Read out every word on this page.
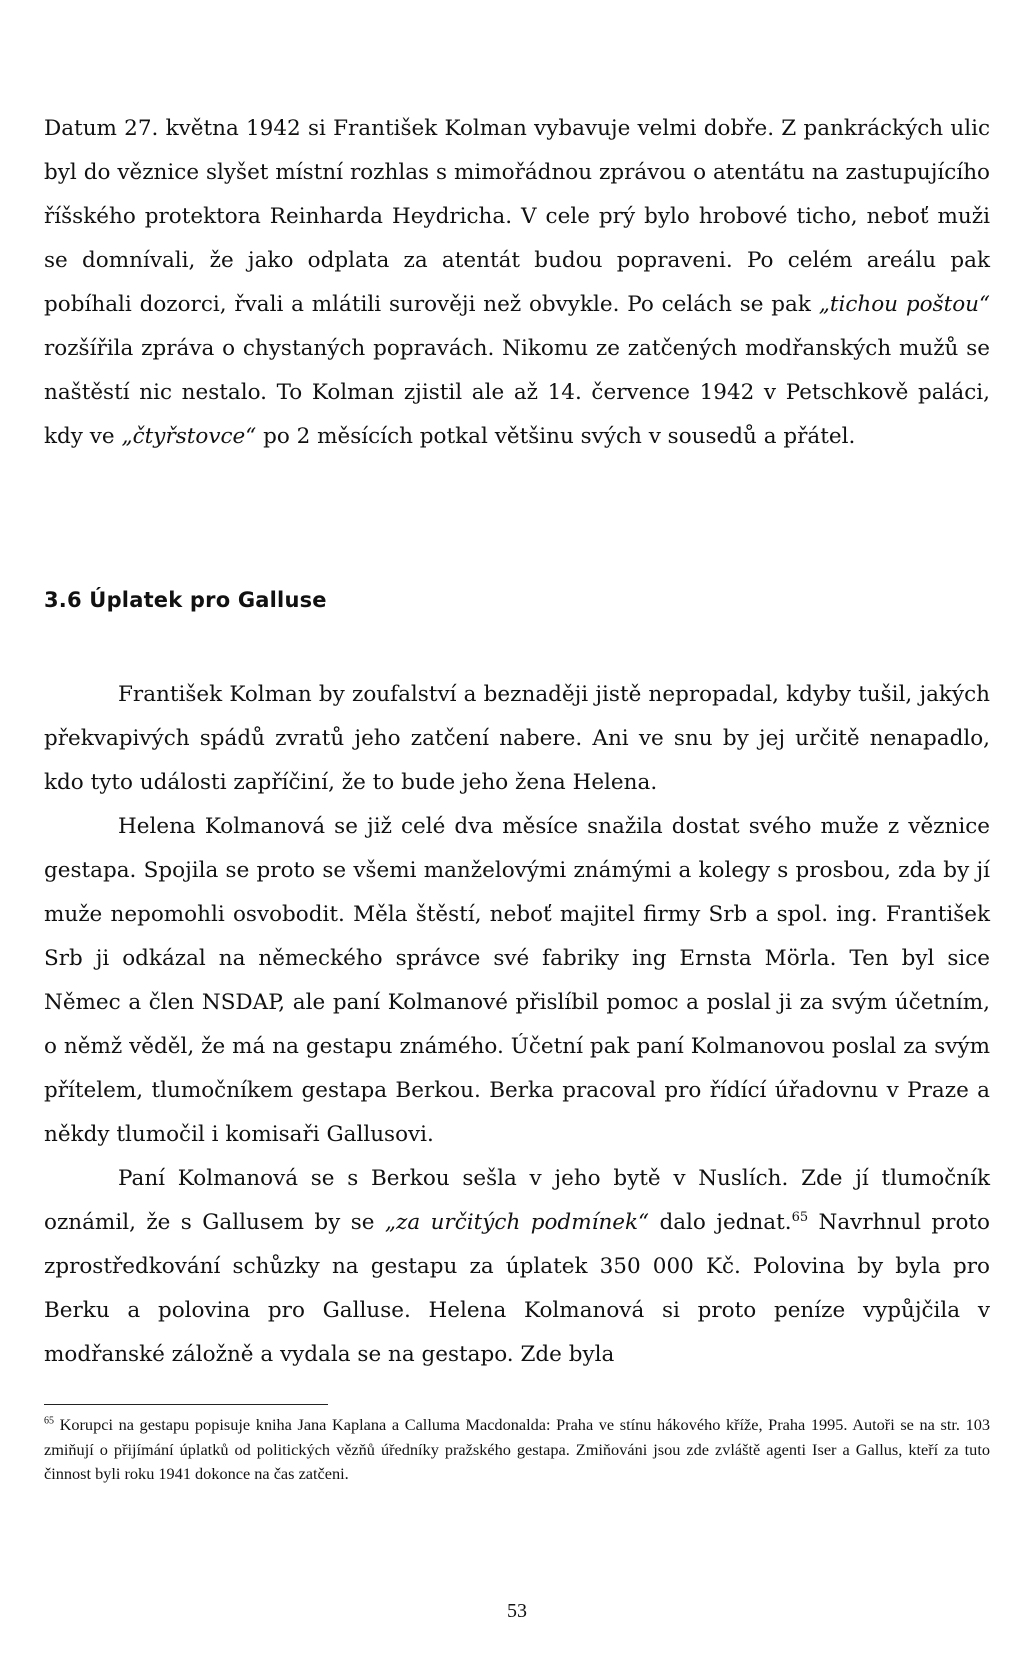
Datum 27. května 1942 si František Kolman vybavuje velmi dobře. Z pankráckých ulic byl do věznice slyšet místní rozhlas s mimořádnou zprávou o atentátu na zastupujícího říšského protektora Reinharda Heydricha. V cele prý bylo hrobové ticho, neboť muži se domnívali, že jako odplata za atentát budou popraveni. Po celém areálu pak pobíhali dozorci, řvali a mlátili surověji než obvykle. Po celách se pak „tichou poštou“ rozšířila zpráva o chystaných popravách. Nikomu ze zatčených modřanských mužů se naštěstí nic nestalo. To Kolman zjistil ale až 14. července 1942 v Petschkově paláci, kdy ve „čtyřstovce“ po 2 měsících potkal většinu svých v sousedů a přátel.

3.6 Úplatek pro Galluse

František Kolman by zoufalství a beznaději jistě nepropadal, kdyby tušil, jakých překvapivých spádů zvratů jeho zatčení nabere. Ani ve snu by jej určitě nenapadlo, kdo tyto události zapříčiní, že to bude jeho žena Helena.

Helena Kolmanová se již celé dva měsíce snažila dostat svého muže z věznice gestapa. Spojila se proto se všemi manželovými známými a kolegy s prosbou, zda by jí muže nepomohli osvobodit. Měla štěstí, neboť majitel firmy Srb a spol. ing. František Srb ji odkázal na německého správce své fabriky ing Ernsta Mörla. Ten byl sice Němec a člen NSDAP, ale paní Kolmanové přislíbil pomoc a poslal ji za svým účetním, o němž věděl, že má na gestapu známého. Účetní pak paní Kolmanovou poslal za svým přítelem, tlumočníkem gestapa Berkou. Berka pracoval pro řídící úřadovnu v Praze a někdy tlumočil i komisaři Gallusovi.

Paní Kolmanová se s Berkou sešla v jeho bytě v Nuslích. Zde jí tlumočník oznámil, že s Gallusem by se „za určitých podmínek“ dalo jednat.$^{65}$ Navrhnul proto zprostředkování schůzky na gestapu za úplatek 350 000 Kč. Polovina by byla pro Berku a polovina pro Galluse. Helena Kolmanová si proto peníze vypůjčila v modřanské záložně a vydala se na gestapo. Zde byla

$^{65}$ Korupci na gestapu popisuje kniha Jana Kaplana a Calluma Macdonalda: Praha ve stínu hákového kříže, Praha 1995. Autoři se na str. 103 zmiňují o přijímání úplatků od politických vězňů úředníky pražského gestapa. Zmiňováni jsou zde zvláště agenti Iser a Gallus, kteří za tuto činnost byli roku 1941 dokonce na čas zatčeni.

53
